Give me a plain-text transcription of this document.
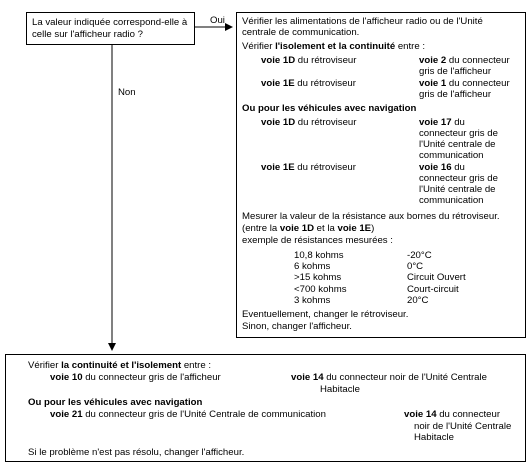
La valeur indiquée correspond-elle à
celle sur l'afficheur radio ?
Oui
Non
Vérifier les alimentations de l'afficheur radio ou de l'Unité
centrale de communication.
Vérifier l'isolement et la continuité entre :
voie 1D du rétroviseur	voie 2 du connecteur
gris de l'afficheur
voie 1E du rétroviseur	voie 1 du connecteur
gris de l'afficheur
Ou pour les véhicules avec navigation
voie 1D du rétroviseur	voie 17 du
connecteur gris de
l'Unité centrale de
communication
voie 1E du rétroviseur	voie 16 du
connecteur gris de
l'Unité centrale de
communication
Mesurer la valeur de la résistance aux bornes du rétroviseur.
(entre la voie 1D et la voie 1E)
exemple de résistances mesurées :
10,8 kohms	-20°C
6 kohms	0°C
>15 kohms	Circuit Ouvert
<700 kohms	Court-circuit
3 kohms	20°C
Eventuellement, changer le rétroviseur.
Sinon, changer l'afficheur.
Vérifier la continuité et l'isolement entre :
voie 10 du connecteur gris de l'afficheur	voie 14 du connecteur noir de l'Unité Centrale
Habitacle
Ou pour les véhicules avec navigation
voie 21 du connecteur gris de l'Unité Centrale de communication	voie 14 du connecteur
noir de l'Unité Centrale
Habitacle
Si le problème n'est pas résolu, changer l'afficheur.
